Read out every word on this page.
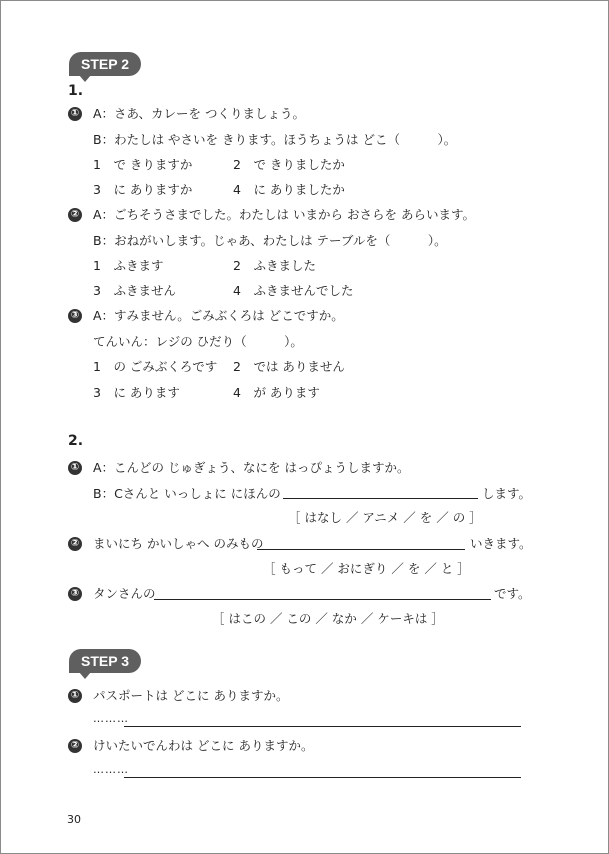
STEP 2
1.
① A：さあ、カレーを つくりましょう。
B：わたしは やさいを きります。ほうちょうは どこ（　　　）。
1　で きりますか	2　で きりましたか
3　に ありますか	4　に ありましたか
② A：ごちそうさまでした。わたしは いまから おさらを あらいます。
B：おねがいします。じゃあ、わたしは テーブルを（　　　）。
1　ふきます	2　ふきました
3　ふきません	4　ふきませんでした
③ A：すみません。ごみぶくろは どこですか。
てんいん：レジの ひだり（　　　）。
1　の ごみぶくろです 2　では ありません
3　に あります	4　が あります
2.
① A：こんどの じゅぎょう、なにを はっぴょうしますか。
B：Cさんと いっしょに にほんの	します。
［ はなし ／ アニメ ／ を ／ の ］
② まいにち かいしゃへ のみもの	いきます。
［ もって ／ おにぎり ／ を ／ と ］
③ タンさんの	です。
［ はこの ／ この ／ なか ／ ケーキは ］
STEP 3
① パスポートは どこに ありますか。
………
② けいたいでんわは どこに ありますか。
………
30
